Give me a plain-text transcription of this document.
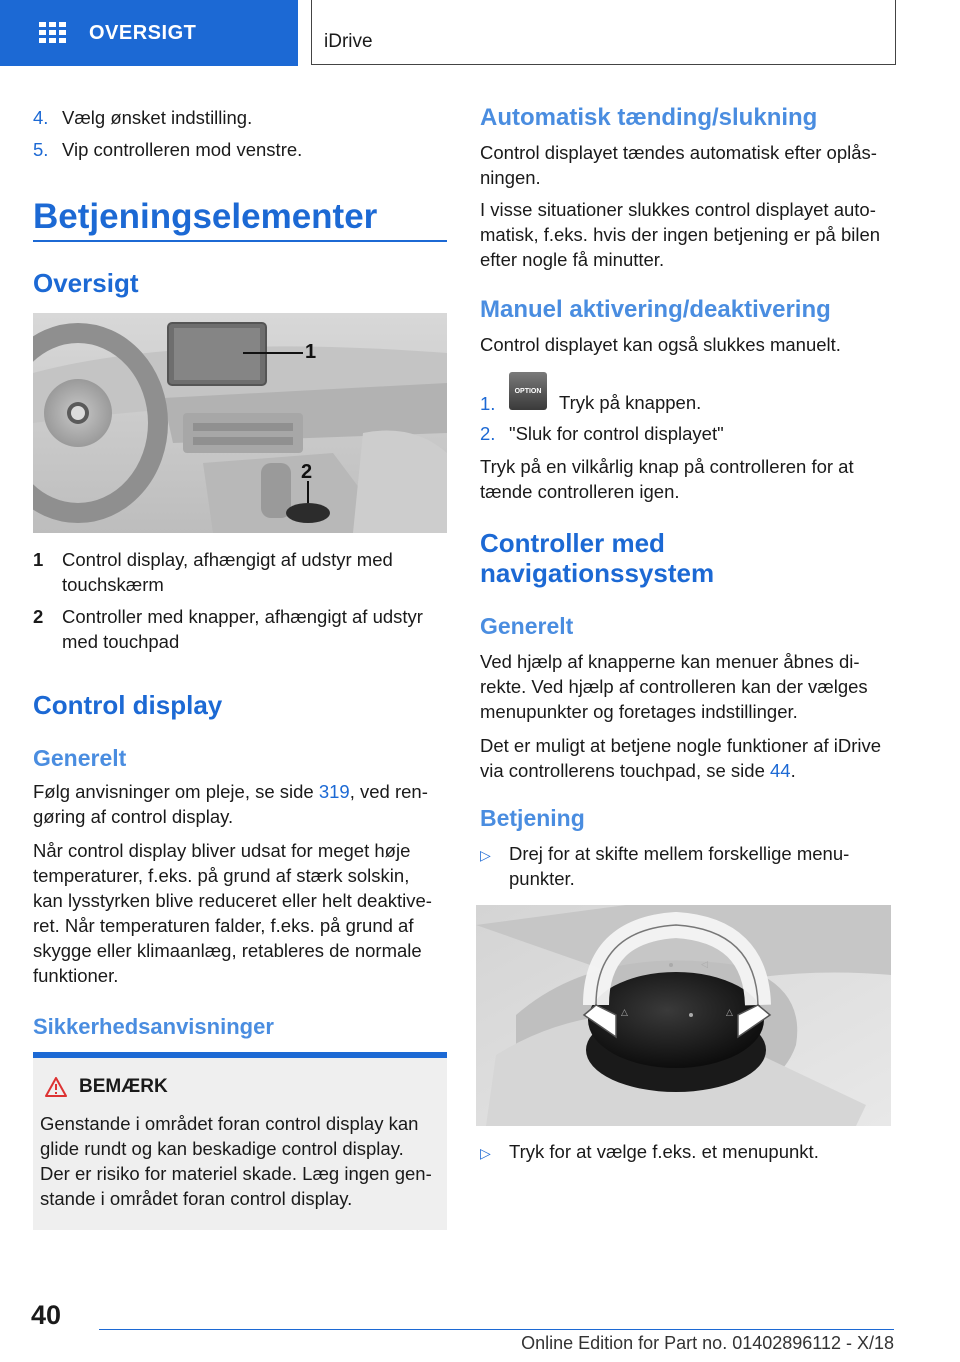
OVERSIGT	iDrive
4. Vælg ønsket indstilling.
5. Vip controlleren mod venstre.
Betjeningselementer
Oversigt
1
2
1	Control display, afhængigt af udstyr med
touchskærm
2	Controller med knapper, afhængigt af udstyr
med touchpad
Control display
Generelt
Følg anvisninger om pleje, se side 319, ved ren-
gøring af control display.
Når control display bliver udsat for meget høje
temperaturer, f.eks. på grund af stærk solskin,
kan lysstyrken blive reduceret eller helt deaktive-
ret. Når temperaturen falder, f.eks. på grund af
skygge eller klimaanlæg, retableres de normale
funktioner.
Sikkerhedsanvisninger
BEMÆRK
Genstande i området foran control display kan
glide rundt og kan beskadige control display.
Der er risiko for materiel skade. Læg ingen gen-
stande i området foran control display.
Automatisk tænding/slukning
Control displayet tændes automatisk efter oplås-
ningen.
I visse situationer slukkes control displayet auto-
matisk, f.eks. hvis der ingen betjening er på bilen
efter nogle få minutter.
Manuel aktivering/deaktivering
Control displayet kan også slukkes manuelt.
1.
OPTION
Tryk på knappen.
2. "Sluk for control displayet"
Tryk på en vilkårlig knap på controlleren for at
tænde controlleren igen.
Controller med
navigationssystem
Generelt
Ved hjælp af knapperne kan menuer åbnes di-
rekte. Ved hjælp af controlleren kan der vælges
menupunkter og foretages indstillinger.
Det er muligt at betjene nogle funktioner af iDrive
via controllerens touchpad, se side 44.
Betjening
▷ Drej for at skifte mellem forskellige menu-
punkter.
◁
△	△
▷ Tryk for at vælge f.eks. et menupunkt.
40
Online Edition for Part no. 01402896112 - X/18
